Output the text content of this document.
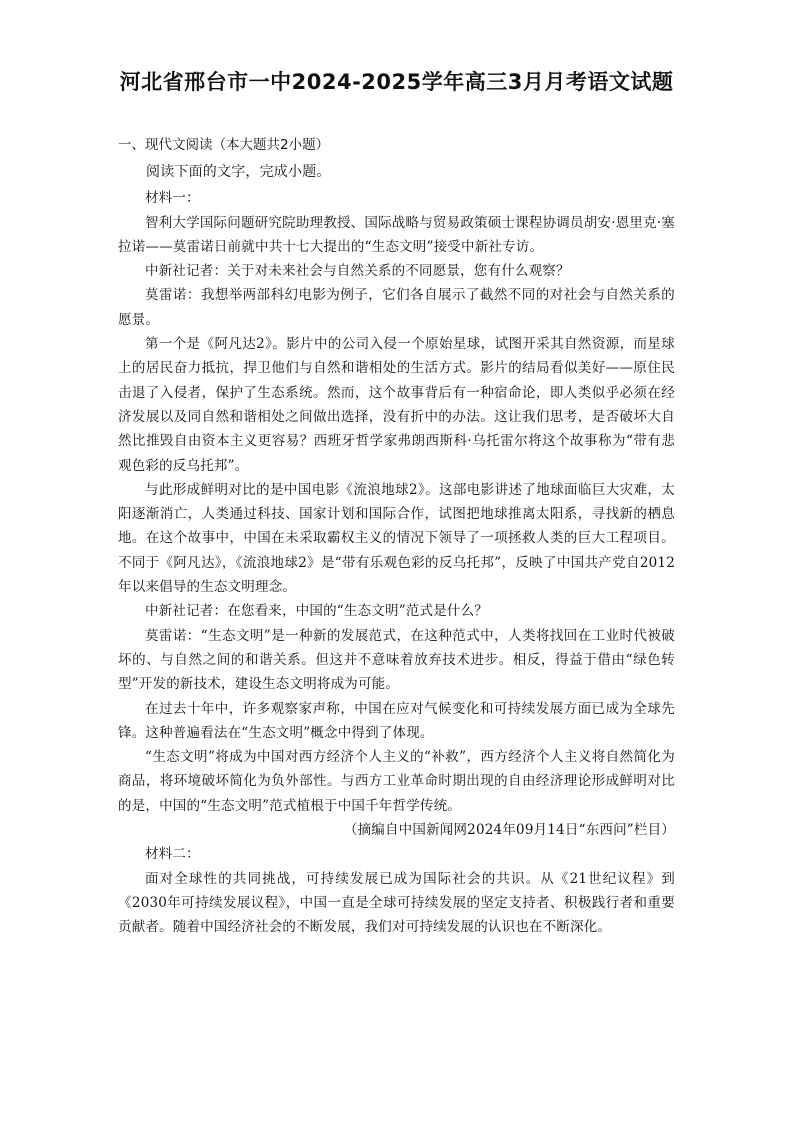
河北省邢台市一中2024-2025学年高三3月月考语文试题
一、现代文阅读（本大题共2小题）

阅读下面的文字，完成小题。

材料一：

智利大学国际问题研究院助理教授、国际战略与贸易政策硕士课程协调员胡安·恩里克·塞拉诺——莫雷诺日前就中共十七大提出的“生态文明”接受中新社专访。

中新社记者：关于对未来社会与自然关系的不同愿景，您有什么观察？

莫雷诺：我想举两部科幻电影为例子，它们各自展示了截然不同的对社会与自然关系的愿景。

第一个是《阿凡达2》。影片中的公司入侵一个原始星球，试图开采其自然资源，而星球上的居民奋力抵抗，捍卫他们与自然和谐相处的生活方式。影片的结局看似美好——原住民击退了入侵者，保护了生态系统。然而，这个故事背后有一种宿命论，即人类似乎必须在经济发展以及同自然和谐相处之间做出选择，没有折中的办法。这让我们思考，是否破坏大自然比推毁自由资本主义更容易？西班牙哲学家弗朗西斯科·乌托雷尔将这个故事称为“带有悲观色彩的反乌托邦”。

与此形成鲜明对比的是中国电影《流浪地球2》。这部电影讲述了地球面临巨大灾难，太阳逐渐消亡，人类通过科技、国家计划和国际合作，试图把地球推离太阳系，寻找新的栖息地。在这个故事中，中国在未采取霸权主义的情况下领导了一项拯救人类的巨大工程项目。不同于《阿凡达》，《流浪地球2》是“带有乐观色彩的反乌托邦”，反映了中国共产党自2012年以来倡导的生态文明理念。

中新社记者：在您看来，中国的“生态文明”范式是什么？

莫雷诺：“生态文明”是一种新的发展范式，在这种范式中，人类将找回在工业时代被破坏的、与自然之间的和谐关系。但这并不意味着放弃技术进步。相反，得益于借由“绿色转型”开发的新技术，建设生态文明将成为可能。

在过去十年中，许多观察家声称，中国在应对气候变化和可持续发展方面已成为全球先锋。这种普遍看法在“生态文明”概念中得到了体现。

“生态文明”将成为中国对西方经济个人主义的“补救”，西方经济个人主义将自然简化为商品，将环境破坏简化为负外部性。与西方工业革命时期出现的自由经济理论形成鲜明对比的是，中国的“生态文明”范式植根于中国千年哲学传统。

（摘编自中国新闻网2024年09月14日“东西问”栏目）

材料二：

面对全球性的共同挑战，可持续发展已成为国际社会的共识。从《21世纪议程》到《2030年可持续发展议程》，中国一直是全球可持续发展的坚定支持者、积极践行者和重要贡献者。随着中国经济社会的不断发展，我们对可持续发展的认识也在不断深化。
